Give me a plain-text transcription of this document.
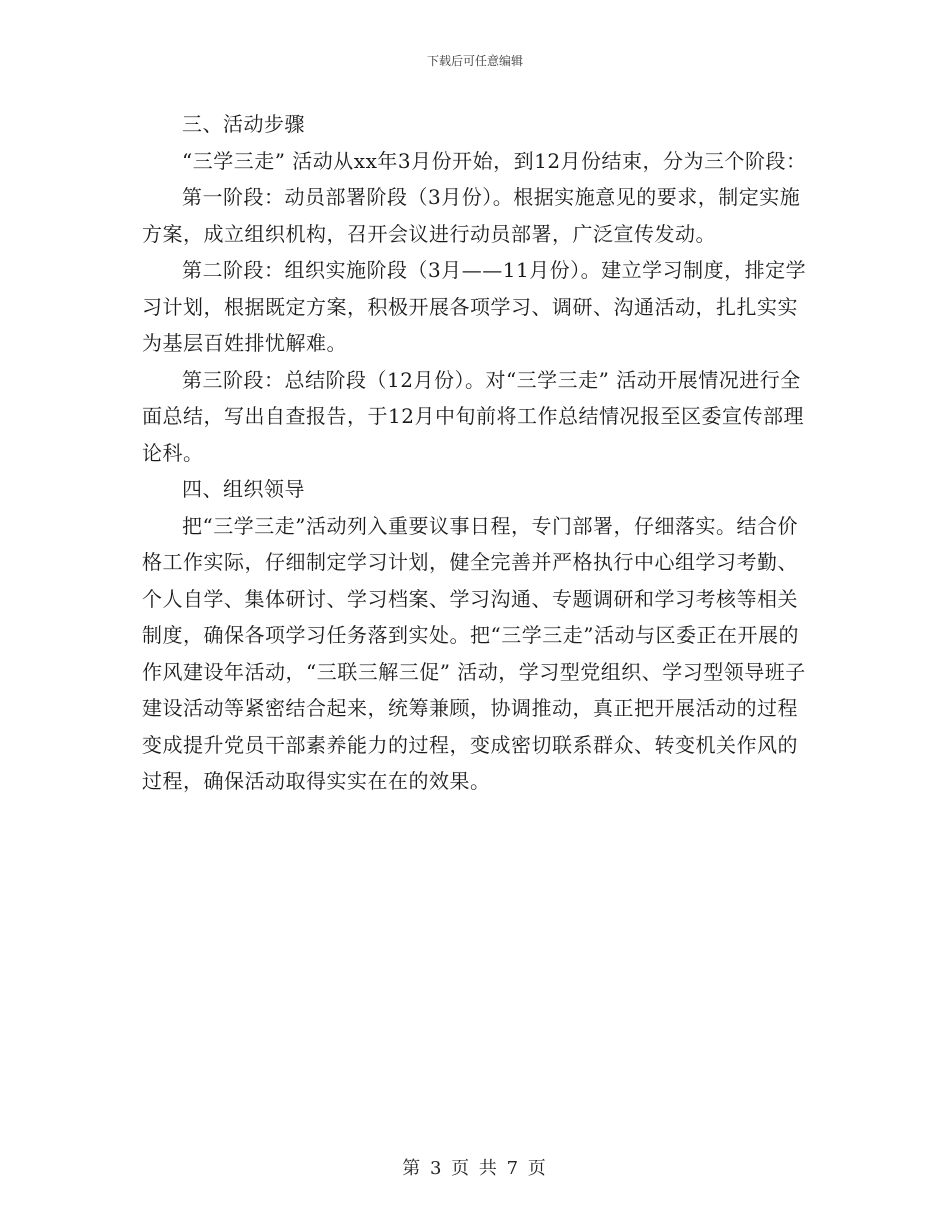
下载后可任意编辑

三、活动步骤

“三学三走” 活动从xx年3月份开始，到12月份结束，分为三个阶段：

第一阶段：动员部署阶段（3月份）。根据实施意见的要求，制定实施方案，成立组织机构，召开会议进行动员部署，广泛宣传发动。

第二阶段：组织实施阶段（3月——11月份）。建立学习制度，排定学习计划，根据既定方案，积极开展各项学习、调研、沟通活动，扎扎实实为基层百姓排忧解难。

第三阶段：总结阶段（12月份）。对“三学三走” 活动开展情况进行全面总结，写出自查报告，于12月中旬前将工作总结情况报至区委宣传部理论科。

四、组织领导

把“三学三走”活动列入重要议事日程，专门部署，仔细落实。结合价格工作实际，仔细制定学习计划，健全完善并严格执行中心组学习考勤、个人自学、集体研讨、学习档案、学习沟通、专题调研和学习考核等相关制度，确保各项学习任务落到实处。把“三学三走”活动与区委正在开展的作风建设年活动，“三联三解三促” 活动，学习型党组织、学习型领导班子建设活动等紧密结合起来，统筹兼顾，协调推动，真正把开展活动的过程变成提升党员干部素养能力的过程，变成密切联系群众、转变机关作风的过程，确保活动取得实实在在的效果。

第 3 页 共 7 页
